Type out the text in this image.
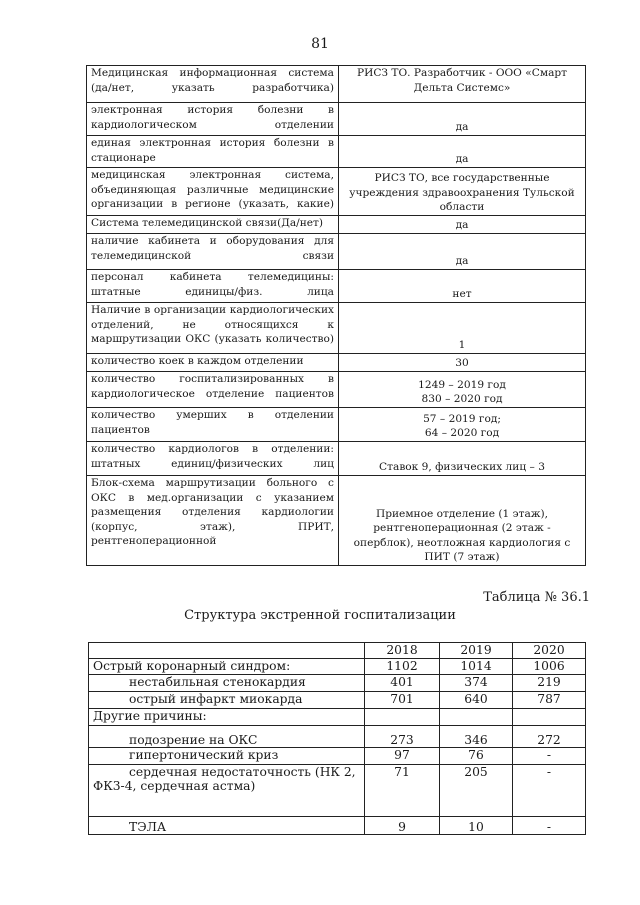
81
Медицинская информационная система (да/нет, указать разработчика)	РИСЗ ТО. Разработчик - ООО «Смарт Дельта Системс»
электронная история болезни в кардиологическом отделении	да
единая электронная история болезни в стационаре	да
медицинская электронная система, объединяющая различные медицинские организации в регионе (указать, какие)	РИСЗ ТО, все государственные учреждения здравоохранения Тульской области
Система телемедицинской связи(Да/нет)	да
наличие кабинета и оборудования для телемедицинской связи	да
персонал кабинета телемедицины: штатные единицы/физ. лица	нет
Наличие в организации кардиологических отделений, не относящихся к маршрутизации ОКС (указать количество)	1
количество коек в каждом отделении	30
количество госпитализированных в кардиологическое отделение пациентов	1249 – 2019 год
830 – 2020 год
количество умерших в отделении пациентов	57 – 2019 год;
64 – 2020 год
количество кардиологов в отделении: штатных единиц/физических лиц	Ставок 9, физических лиц – 3
Блок-схема маршрутизации больного с ОКС в мед.организации с указанием размещения отделения кардиологии (корпус, этаж), ПРИТ, рентгеноперационной	Приемное отделение (1 этаж), рентгеноперационная (2 этаж - оперблок), неотложная кардиология с ПИТ (7 этаж)
Таблица № 36.1
Структура экстренной госпитализации
	2018	2019	2020
Острый коронарный синдром:	1102	1014	1006
нестабильная стенокардия	401	374	219
острый инфаркт миокарда	701	640	787
Другие причины:			
подозрение на ОКС	273	346	272
гипертонический криз	97	76	-
сердечная недостаточность (НК 2, ФК3-4, сердечная астма)	71	205	-
ТЭЛА	9	10	-
